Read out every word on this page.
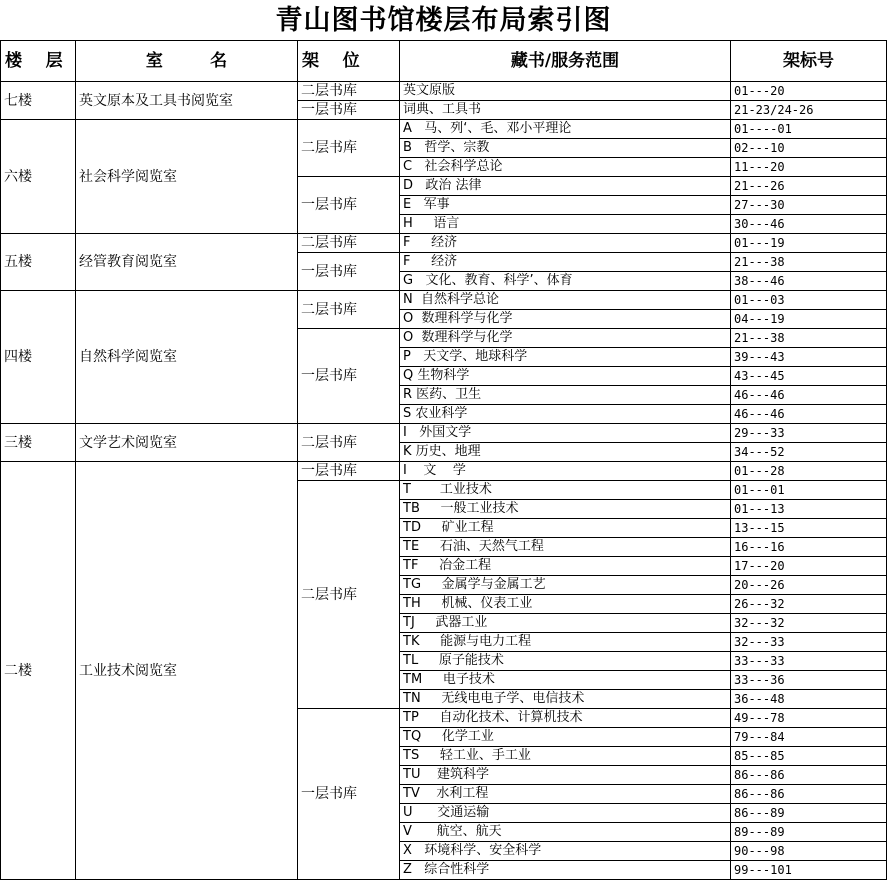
青山图书馆楼层布局索引图
楼    层	室        名	架    位	藏书/服务范围	架标号
七楼	英文原本及工具书阅览室	二层书库	英文原版	01---20
		一层书库	词典、工具书	21-23/24-26
六楼	社会科学阅览室	二层书库	A   马、列‘、毛、邓小平理论	01----01
			B   哲学、宗教	02---10
			C   社会科学总论	11---20
		一层书库	D   政治 法律	21---26
			E   军事	27---30
			H     语言	30---46
五楼	经管教育阅览室	二层书库	F     经济	01---19
		一层书库	F     经济	21---38
			G   文化、教育、科学’、体育	38---46
四楼	自然科学阅览室	二层书库	N  自然科学总论	01---03
			O  数理科学与化学	04---19
		一层书库	O  数理科学与化学	21---38
			P   天文学、地球科学	39---43
			Q 生物科学	43---45
			R 医药、卫生	46---46
			S 农业科学	46---46
三楼	文学艺术阅览室	二层书库	I   外国文学	29---33
			K 历史、地理	34---52
二楼	工业技术阅览室	一层书库	I    文    学	01---28
		二层书库	T       工业技术	01---01
			TB     一般工业技术	01---13
			TD     矿业工程	13---15
			TE     石油、天然气工程	16---16
			TF     冶金工程	17---20
			TG     金属学与金属工艺	20---26
			TH     机械、仪表工业	26---32
			TJ     武器工业	32---32
			TK     能源与电力工程	32---33
			TL     原子能技术	33---33
			TM     电子技术	33---36
			TN     无线电电子学、电信技术	36---48
		一层书库	TP     自动化技术、计算机技术	49---78
			TQ     化学工业	79---84
			TS     轻工业、手工业	85---85
			TU    建筑科学	86---86
			TV    水利工程	86---86
			U      交通运输	86---89
			V      航空、航天	89---89
			X   环境科学、安全科学	90---98
			Z   综合性科学	99---101
